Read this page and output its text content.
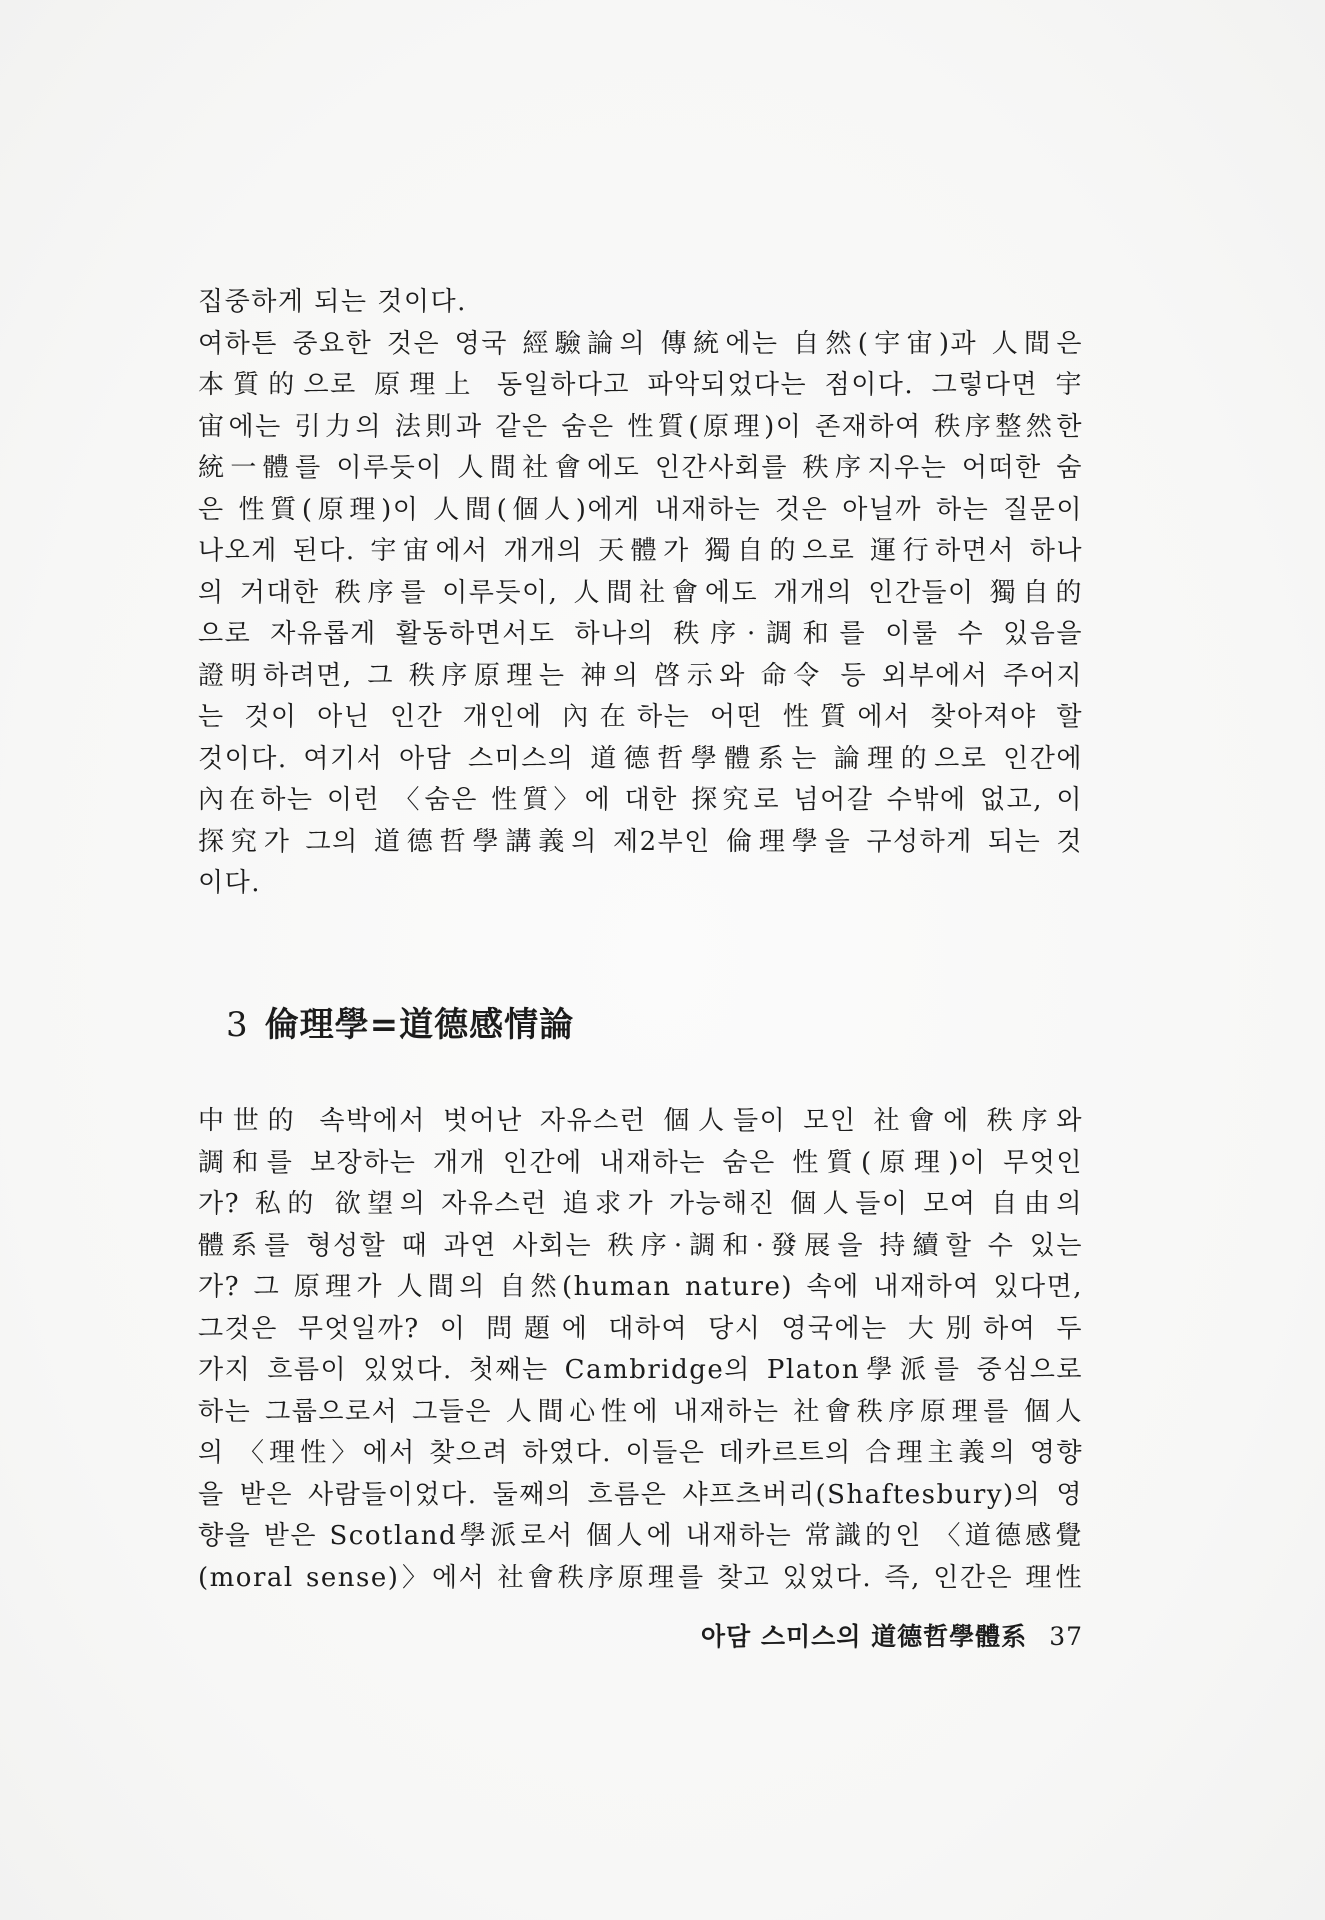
집중하게 되는 것이다.
여하튼 중요한 것은 영국 經驗論의 傳統에는 自然(宇宙)과 人間은
本質的으로 原理上 동일하다고 파악되었다는 점이다. 그렇다면 宇
宙에는 引力의 法則과 같은 숨은 性質(原理)이 존재하여 秩序整然한
統一體를 이루듯이 人間社會에도 인간사회를 秩序지우는 어떠한 숨
은 性質(原理)이 人間(個人)에게 내재하는 것은 아닐까 하는 질문이
나오게 된다. 宇宙에서 개개의 天體가 獨自的으로 運行하면서 하나
의 거대한 秩序를 이루듯이, 人間社會에도 개개의 인간들이 獨自的
으로 자유롭게 활동하면서도 하나의 秩序·調和를 이룰 수 있음을
證明하려면, 그 秩序原理는 神의 啓示와 命令 등 외부에서 주어지
는 것이 아닌 인간 개인에 內在하는 어떤 性質에서 찾아져야 할
것이다. 여기서 아담 스미스의 道德哲學體系는 論理的으로 인간에
內在하는 이런 〈숨은 性質〉에 대한 探究로 넘어갈 수밖에 없고, 이
探究가 그의 道德哲學講義의 제2부인 倫理學을 구성하게 되는 것
이다.
3 倫理學=道德感情論
中世的 속박에서 벗어난 자유스런 個人들이 모인 社會에 秩序와
調和를 보장하는 개개 인간에 내재하는 숨은 性質(原理)이 무엇인
가? 私的 欲望의 자유스런 追求가 가능해진 個人들이 모여 自由의
體系를 형성할 때 과연 사회는 秩序·調和·發展을 持續할 수 있는
가? 그 原理가 人間의 自然(human nature) 속에 내재하여 있다면,
그것은 무엇일까? 이 問題에 대하여 당시 영국에는 大別하여 두
가지 흐름이 있었다. 첫째는 Cambridge의 Platon學派를 중심으로
하는 그룹으로서 그들은 人間心性에 내재하는 社會秩序原理를 個人
의 〈理性〉에서 찾으려 하였다. 이들은 데카르트의 合理主義의 영향
을 받은 사람들이었다. 둘째의 흐름은 샤프츠버리(Shaftesbury)의 영
향을 받은 Scotland學派로서 個人에 내재하는 常識的인 〈道德感覺
(moral sense)〉에서 社會秩序原理를 찾고 있었다. 즉, 인간은 理性
아담 스미스의 道德哲學體系 37
